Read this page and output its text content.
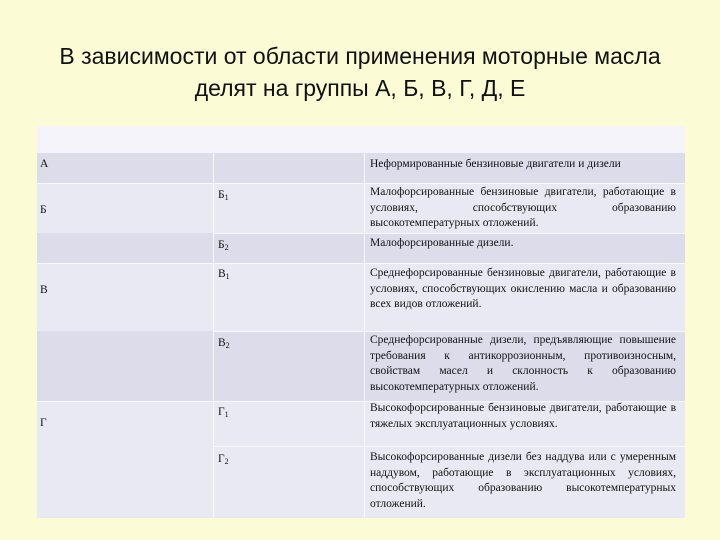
В зависимости от области применения моторные масла
делят на группы А, Б, В, Г, Д, Е
А
Б
В
Г
$Б_1$
$Б_2$
$В_1$
$В_2$
$Г_1$
$Г_2$
Неформированные бензиновые двигатели и дизели
Малофорсированные бензиновые двигатели, работающие в условиях, способствующих образованию высокотемпературных отложений.
Малофорсированные дизели.
Среднефорсированные бензиновые двигатели, работающие в условиях, способствующих окислению масла и образованию всех видов отложений.
Среднефорсированные дизели, предъявляющие повышение требования к антикоррозионным, противоизносным, свойствам масел и склонность к образованию высокотемпературных отложений.
Высокофорсированные бензиновые двигатели, работающие в тяжелых эксплуатационных условиях.
Высокофорсированные дизели без наддува или с умеренным наддувом, работающие в эксплуатационных условиях, способствующих образованию высокотемпературных отложений.
